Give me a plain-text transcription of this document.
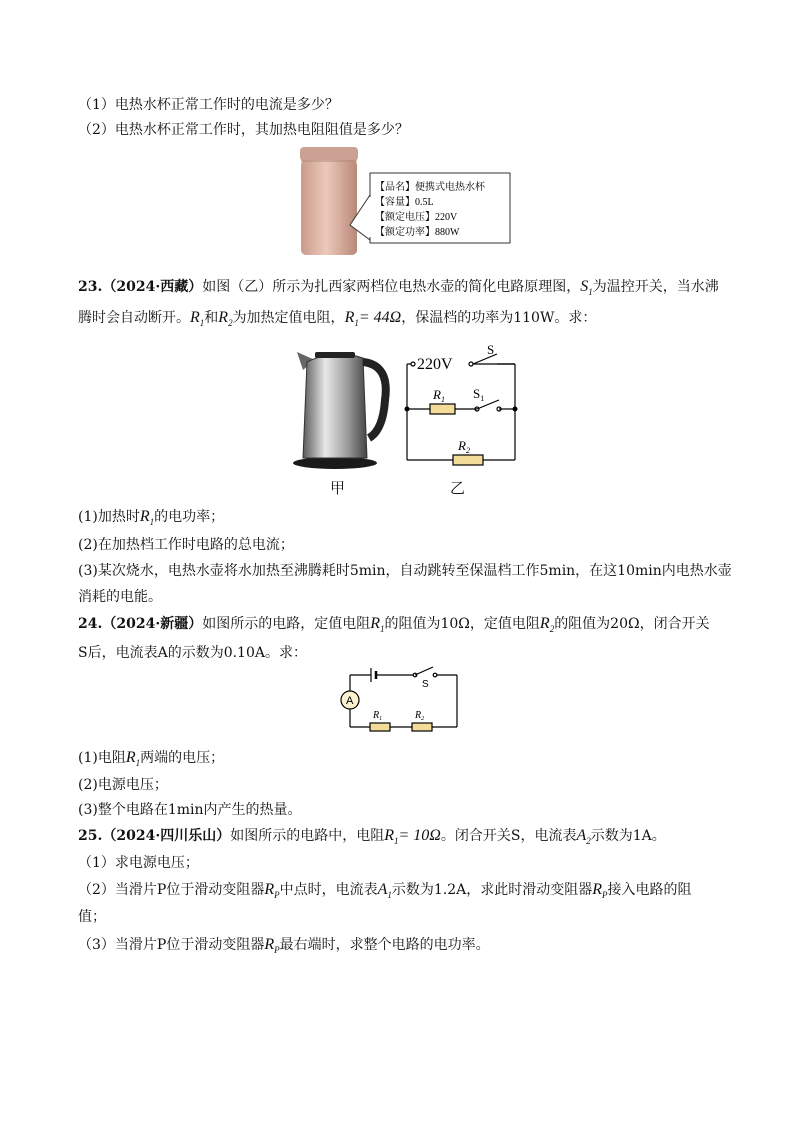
（1）电热水杯正常工作时的电流是多少？
（2）电热水杯正常工作时，其加热电阻阻值是多少？
【品名】便携式电热水杯
【容量】0.5L
【额定电压】220V
【额定功率】880W
23.（2024·西藏）如图（乙）所示为扎西家两档位电热水壶的简化电路原理图，$S_1$为温控开关，当水沸
腾时会自动断开。$R_1$和$R_2$为加热定值电阻，$R_1= 44\Omega$，保温档的功率为110W。求：
甲
220V
S
$S_1$
$R_1$
$R_2$
乙
(1)加热时$R_1$的电功率；
(2)在加热档工作时电路的总电流；
(3)某次烧水，电热水壶将水加热至沸腾耗时5min，自动跳转至保温档工作5min，在这10min内电热水壶
消耗的电能。
24.（2024·新疆）如图所示的电路，定值电阻$R_1$的阻值为10Ω，定值电阻$R_2$的阻值为20Ω，闭合开关
S后，电流表A的示数为0.10A。求：
A
S
$R_1$	$R_2$
(1)电阻$R_1$两端的电压；
(2)电源电压；
(3)整个电路在1min内产生的热量。
25.（2024·四川乐山）如图所示的电路中，电阻$R_1= 10\Omega$。闭合开关S，电流表$A_2$示数为1A。
（1）求电源电压；
（2）当滑片P位于滑动变阻器$R_P$中点时，电流表$A_1$示数为1.2A，求此时滑动变阻器$R_P$接入电路的阻
值；
（3）当滑片P位于滑动变阻器$R_P$最右端时，求整个电路的电功率。
